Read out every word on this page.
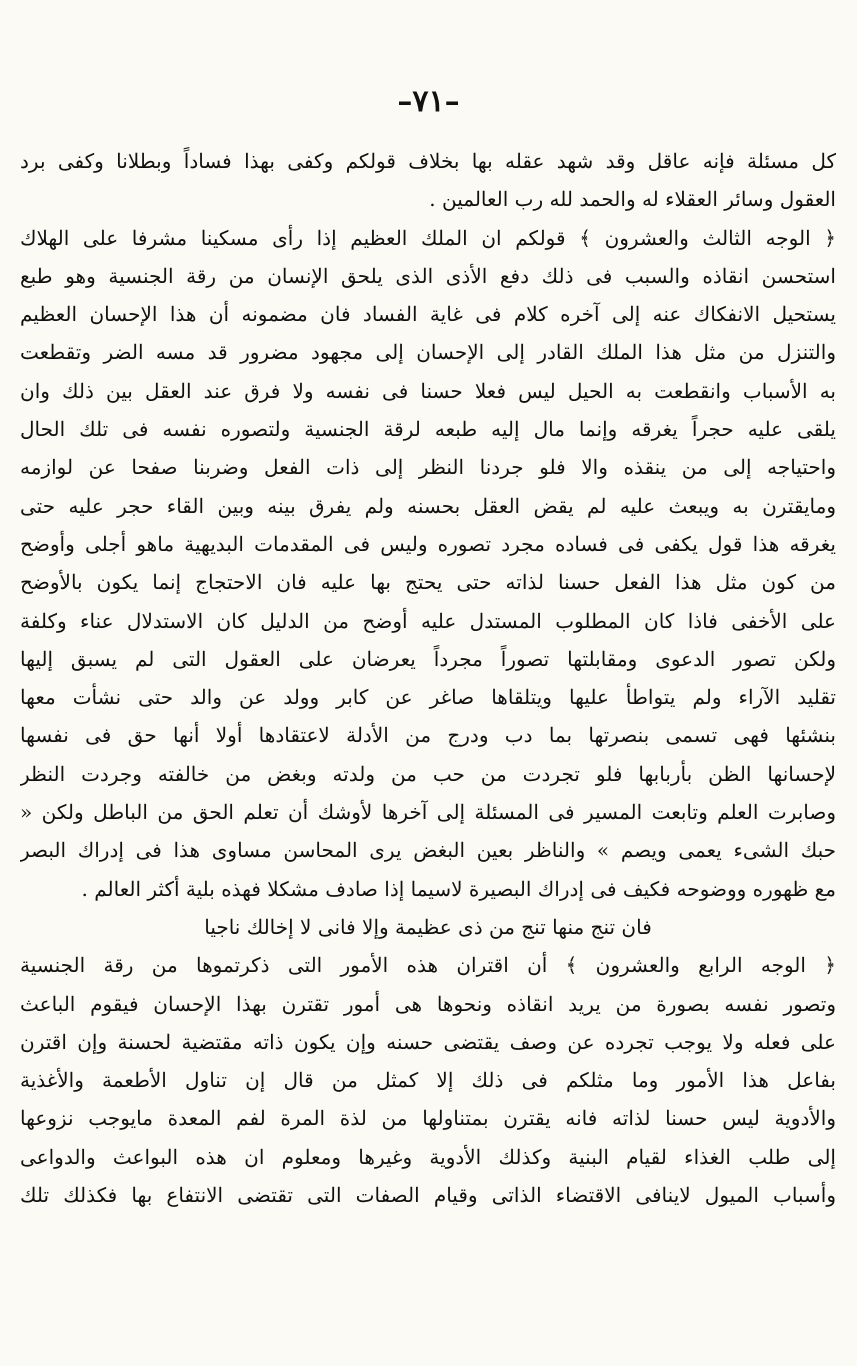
–٧١–
كل مسئلة فإنه عاقل وقد شهد عقله بها بخلاف قولكم وكفى بهذا فساداً وبطلانا وكفى برد
العقول وسائر العقلاء له والحمد لله رب العالمين .
﴿ الوجه الثالث والعشرون ﴾ قولكم ان الملك العظيم إذا رأى مسكينا مشرفا على الهلاك
استحسن انقاذه والسبب فى ذلك دفع الأذى الذى يلحق الإنسان من رقة الجنسية وهو طبع
يستحيل الانفكاك عنه إلى آخره كلام فى غاية الفساد فان مضمونه أن هذا الإحسان العظيم
والتنزل من مثل هذا الملك القادر إلى الإحسان إلى مجهود مضرور قد مسه الضر وتقطعت
به الأسباب وانقطعت به الحيل ليس فعلا حسنا فى نفسه ولا فرق عند العقل بين ذلك وان
يلقى عليه حجراً يغرقه وإنما مال إليه طبعه لرقة الجنسية ولتصوره نفسه فى تلك الحال
واحتياجه إلى من ينقذه والا فلو جردنا النظر إلى ذات الفعل وضربنا صفحا عن لوازمه
ومايقترن به ويبعث عليه لم يقض العقل بحسنه ولم يفرق بينه وبين القاء حجر عليه حتى
يغرقه هذا قول يكفى فى فساده مجرد تصوره وليس فى المقدمات البديهية ماهو أجلى وأوضح
من كون مثل هذا الفعل حسنا لذاته حتى يحتج بها عليه فان الاحتجاج إنما يكون بالأوضح
على الأخفى فاذا كان المطلوب المستدل عليه أوضح من الدليل كان الاستدلال عناء وكلفة
ولكن تصور الدعوى ومقابلتها تصوراً مجرداً يعرضان على العقول التى لم يسبق إليها
تقليد الآراء ولم يتواطأ عليها ويتلقاها صاغر عن كابر وولد عن والد حتى نشأت معها
بنشئها فهى تسمى بنصرتها بما دب ودرج من الأدلة لاعتقادها أولا أنها حق فى نفسها
لإحسانها الظن بأربابها فلو تجردت من حب من ولدته وبغض من خالفته وجردت النظر
وصابرت العلم وتابعت المسير فى المسئلة إلى آخرها لأوشك أن تعلم الحق من الباطل ولكن «
حبك الشىء يعمى ويصم » والناظر بعين البغض يرى المحاسن مساوى هذا فى إدراك البصر
مع ظهوره ووضوحه فكيف فى إدراك البصيرة لاسيما إذا صادف مشكلا فهذه بلية أكثر العالم .
فان تنج منها تنج من ذى عظيمة وإلا فانى لا إخالك ناجيا
﴿ الوجه الرابع والعشرون ﴾ أن اقتران هذه الأمور التى ذكرتموها من رقة الجنسية
وتصور نفسه بصورة من يريد انقاذه ونحوها هى أمور تقترن بهذا الإحسان فيقوم الباعث
على فعله ولا يوجب تجرده عن وصف يقتضى حسنه وإن يكون ذاته مقتضية لحسنة وإن اقترن
بفاعل هذا الأمور وما مثلكم فى ذلك إلا كمثل من قال إن تناول الأطعمة والأغذية
والأدوية ليس حسنا لذاته فانه يقترن بمتناولها من لذة المرة لفم المعدة مايوجب نزوعها
إلى طلب الغذاء لقيام البنية وكذلك الأدوية وغيرها ومعلوم ان هذه البواعث والدواعى
وأسباب الميول لاينافى الاقتضاء الذاتى وقيام الصفات التى تقتضى الانتفاع بها فكذلك تلك
